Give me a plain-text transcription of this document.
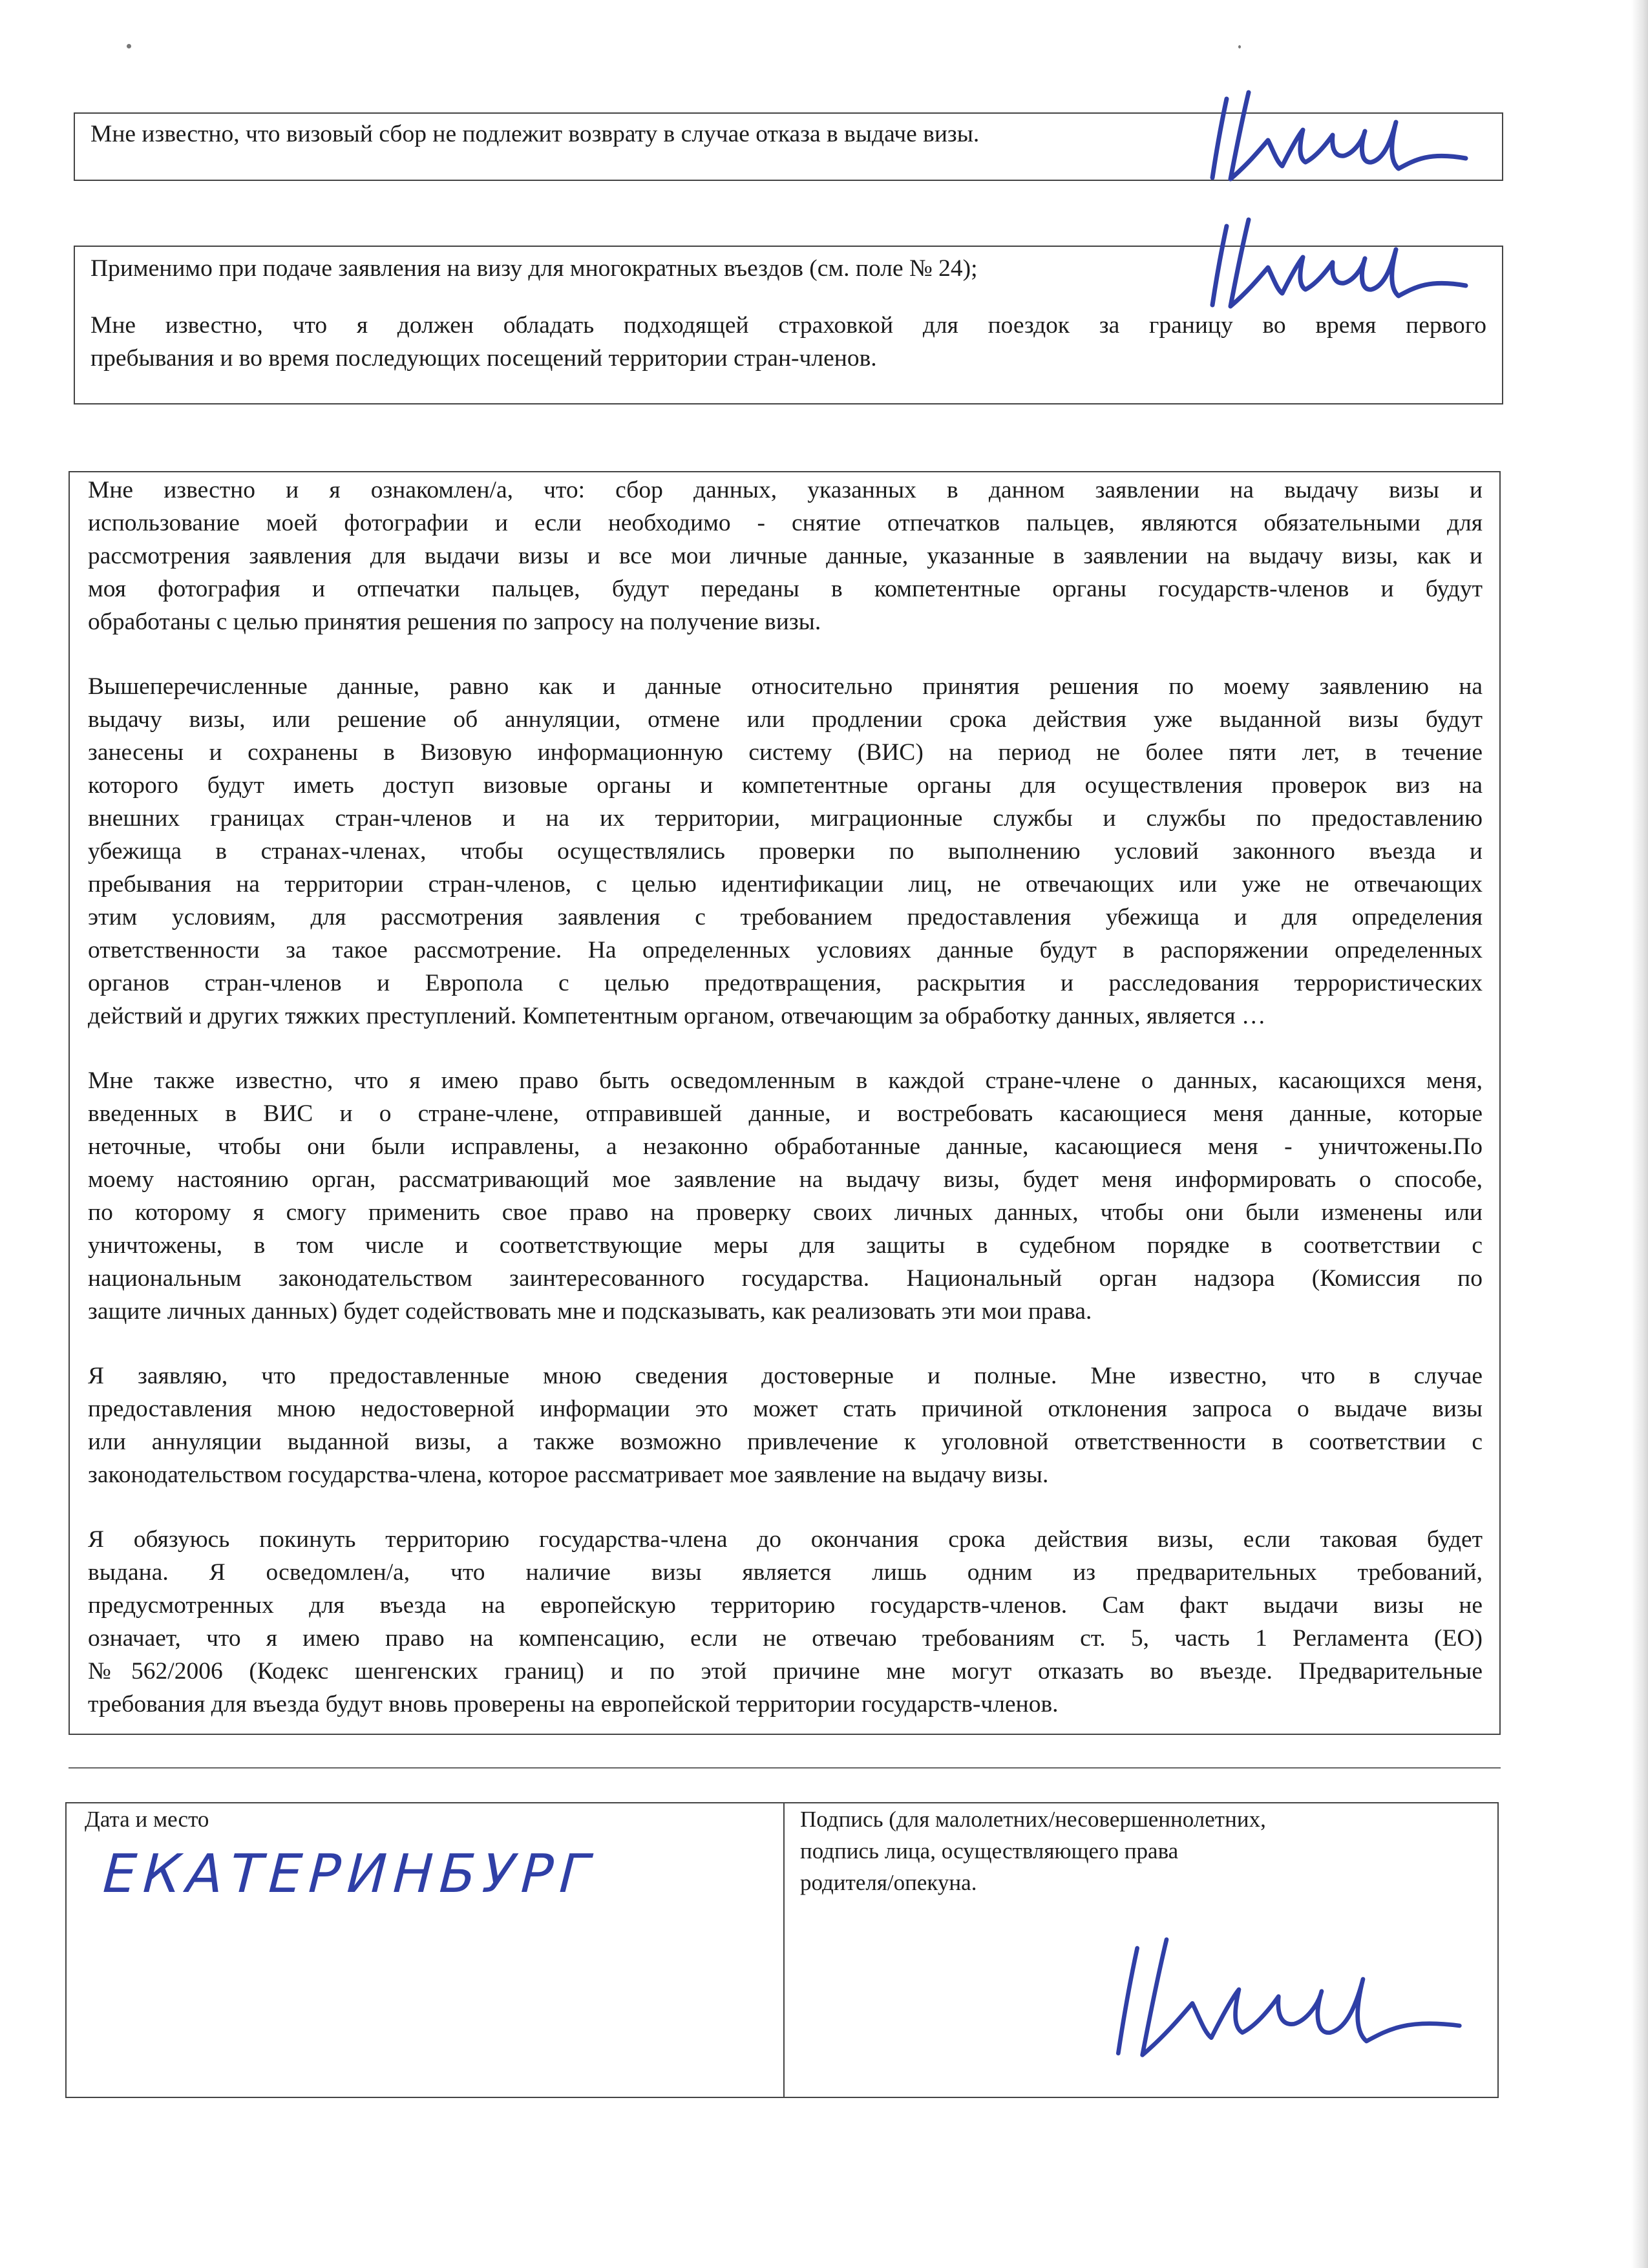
Мне известно, что визовый сбор не подлежит возврату в случае отказа в выдаче визы.
Применимо при подаче заявления на визу для многократных въездов (см. поле № 24);
Мне известно, что я должен обладать подходящей страховкой для поездок за границу во время первого
пребывания и во время последующих посещений территории стран-членов.
Мне известно и я ознакомлен/а, что: сбор данных, указанных в данном заявлении на выдачу визы и
использование моей фотографии и если необходимо - снятие отпечатков пальцев, являются обязательными для
рассмотрения заявления для выдачи визы и все мои личные данные, указанные в заявлении на выдачу визы, как и
моя фотография и отпечатки пальцев, будут переданы в компетентные органы государств-членов и будут
обработаны с целью принятия решения по запросу на получение визы.
Вышеперечисленные данные, равно как и данные относительно принятия решения по моему заявлению на
выдачу визы, или решение об аннуляции, отмене или продлении срока действия уже выданной визы будут
занесены и сохранены в Визовую информационную систему (ВИС) на период не более пяти лет, в течение
которого будут иметь доступ визовые органы и компетентные органы для осуществления проверок виз на
внешних границах стран-членов и на их территории, миграционные службы и службы по предоставлению
убежища в странах-членах, чтобы осуществлялись проверки по выполнению условий законного въезда и
пребывания на территории стран-членов, с целью идентификации лиц, не отвечающих или уже не отвечающих
этим условиям, для рассмотрения заявления с требованием предоставления убежища и для определения
ответственности за такое рассмотрение. На определенных условиях данные будут в распоряжении определенных
органов стран-членов и Европола с целью предотвращения, раскрытия и расследования террористических
действий и других тяжких преступлений. Компетентным органом, отвечающим за обработку данных, является …
Мне также известно, что я имею право быть осведомленным в каждой стране-члене о данных, касающихся меня,
введенных в ВИС и о стране-члене, отправившей данные, и востребовать касающиеся меня данные, которые
неточные, чтобы они были исправлены, а незаконно обработанные данные, касающиеся меня - уничтожены.По
моему настоянию орган, рассматривающий мое заявление на выдачу визы, будет меня информировать о способе,
по которому я смогу применить свое право на проверку своих личных данных, чтобы они были изменены или
уничтожены, в том числе и соответствующие меры для защиты в судебном порядке в соответствии с
национальным законодательством заинтересованного государства. Национальный орган надзора (Комиссия по
защите личных данных) будет содействовать мне и подсказывать, как реализовать эти мои права.
Я заявляю, что предоставленные мною сведения достоверные и полные. Мне известно, что в случае
предоставления мною недостоверной информации это может стать причиной отклонения запроса о выдаче визы
или аннуляции выданной визы, а также возможно привлечение к уголовной ответственности в соответствии с
законодательством государства-члена, которое рассматривает мое заявление на выдачу визы.
Я обязуюсь покинуть территорию государства-члена до окончания срока действия визы, если таковая будет
выдана. Я осведомлен/а, что наличие визы является лишь одним из предварительных требований,
предусмотренных для въезда на европейскую территорию государств-членов. Сам факт выдачи визы не
означает, что я имею право на компенсацию, если не отвечаю требованиям ст. 5, часть 1 Регламента (ЕО)
№562/2006 (Кодекс шенгенских границ) и по этой причине мне могут отказать во въезде. Предварительные
требования для въезда будут вновь проверены на европейской территории государств-членов.
Дата и место
ЕКАТЕРИНБУРГ
Подпись (для малолетних/несовершеннолетних,
подпись лица, осуществляющего права
родителя/опекуна.
